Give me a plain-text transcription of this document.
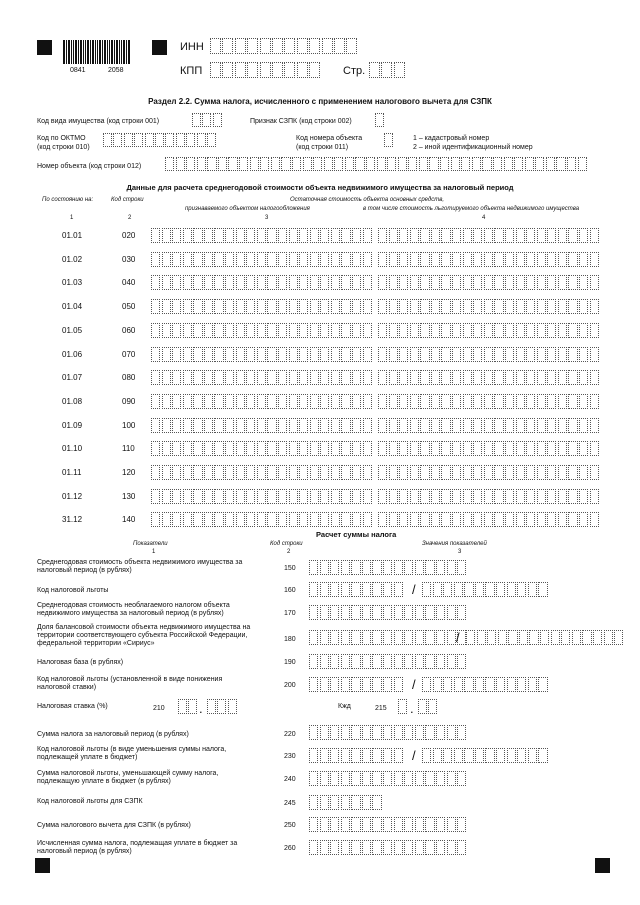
0841	2058
ИНН
КПП	Стр.
Раздел 2.2. Сумма налога, исчисленного с применением налогового вычета для СЗПК
Код вида имущества (код строки 001)	Признак СЗПК (код строки 002)
Код по ОКТМО
(код строки 010)
Код номера объекта
(код строки 011)
1 – кадастровый номер
2 – иной идентификационный номер
Номер объекта (код строки 012)
Данные для расчета среднегодовой стоимости объекта недвижимого имущества за налоговый период
По состоянию на:	Код строки	Остаточная стоимость объекта основных средств,
признаваемого объектом налогообложения	в том числе стоимость льготируемого объекта недвижимого имущества
1	2	3	4
01.01	020
01.02	030
01.03	040
01.04	050
01.05	060
01.06	070
01.07	080
01.08	090
01.09	100
01.10	110
01.11	120
01.12	130
31.12	140
Расчет суммы налога
Показатели	Код строки	Значения показателей
1	2	3
Среднегодовая стоимость объекта недвижимого имущества за налоговый период (в рублях)	150
Код налоговой льготы	160	/
Среднегодовая стоимость необлагаемого налогом объекта недвижимого имущества за налоговый период (в рублях)	170
Доля балансовой стоимости объекта недвижимого имущества на территории соответствующего субъекта Российской Федерации, федеральной территории «Сириус»
180	/
Налоговая база (в рублях)	190
Код налоговой льготы (установленной в виде понижения налоговой ставки)	200	/
Налоговая ставка (%)	210	.	Кжд	215 .
Сумма налога за налоговый период (в рублях)	220
Код налоговой льготы (в виде уменьшения суммы налога, подлежащей уплате в бюджет)	230	/
Сумма налоговой льготы, уменьшающей сумму налога, подлежащую уплате в бюджет (в рублях)	240
Код налоговой льготы для СЗПК	245
Сумма налогового вычета для СЗПК (в рублях)	250
Исчисленная сумма налога, подлежащая уплате в бюджет за налоговый период (в рублях)	260
